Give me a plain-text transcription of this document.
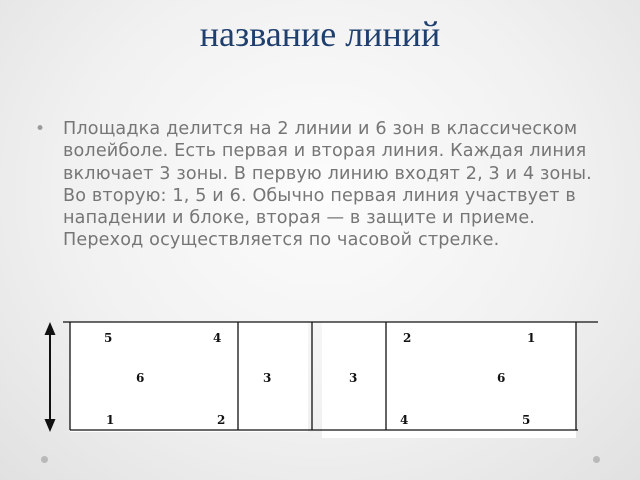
название линий
• Площадка делится на 2 линии и 6 зон в классическом волейболе. Есть первая и вторая линия. Каждая линия включает 3 зоны. В первую линию входят 2, 3 и 4 зоны. Во вторую: 1, 5 и 6. Обычно первая линия участвует в нападении и блоке, вторая — в защите и приеме. Переход осуществляется по часовой стрелке.
5	4
6
1	2
3	3
2	1
6
4	5
